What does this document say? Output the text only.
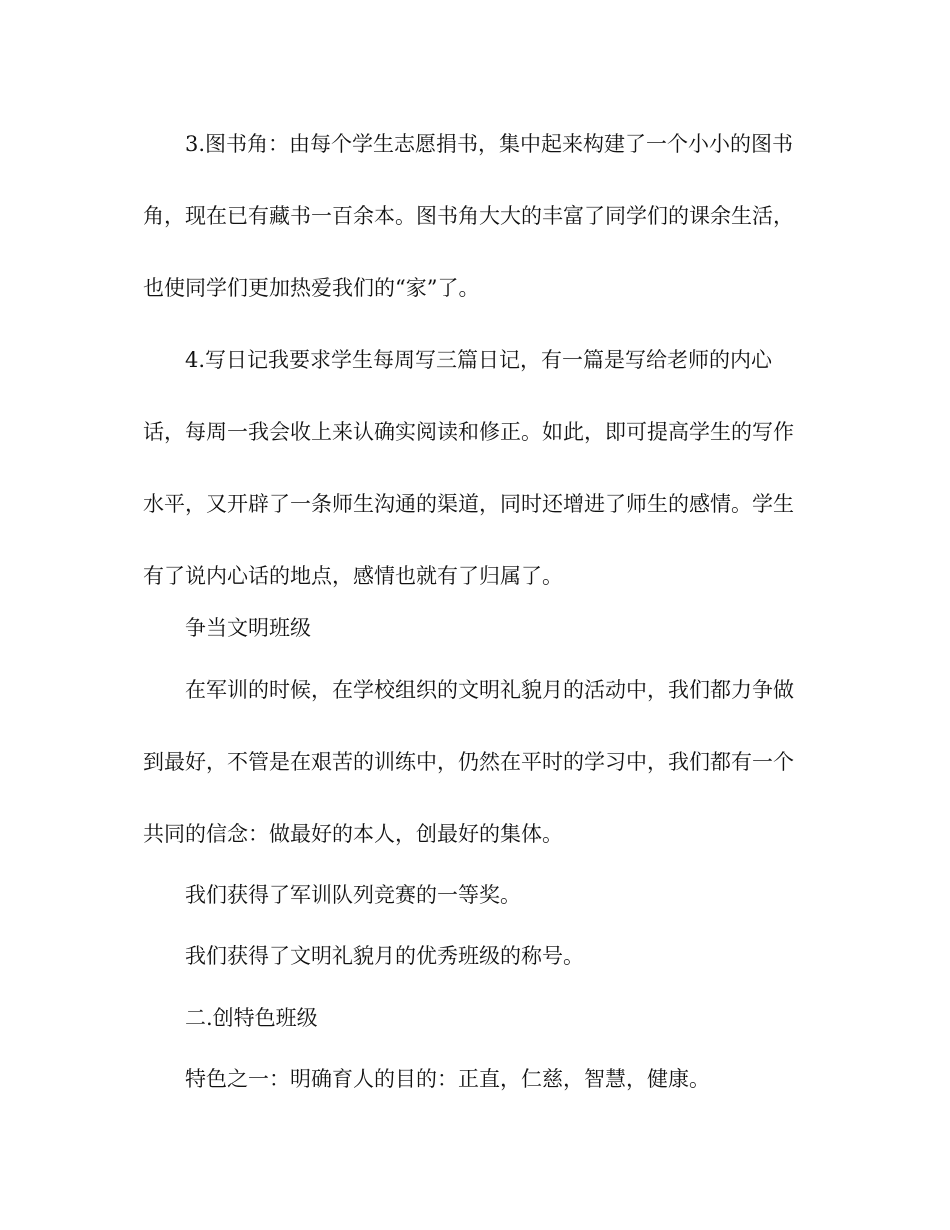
3.图书角：由每个学生志愿捐书，集中起来构建了一个小小的图书角，现在已有藏书一百余本。图书角大大的丰富了同学们的课余生活，也使同学们更加热爱我们的“家”了。

4.写日记我要求学生每周写三篇日记，有一篇是写给老师的内心话，每周一我会收上来认确实阅读和修正。如此，即可提高学生的写作水平，又开辟了一条师生沟通的渠道，同时还增进了师生的感情。学生有了说内心话的地点，感情也就有了归属了。

争当文明班级

在军训的时候，在学校组织的文明礼貌月的活动中，我们都力争做到最好，不管是在艰苦的训练中，仍然在平时的学习中，我们都有一个共同的信念：做最好的本人，创最好的集体。

我们获得了军训队列竞赛的一等奖。

我们获得了文明礼貌月的优秀班级的称号。

二.创特色班级

特色之一：明确育人的目的：正直，仁慈，智慧，健康。
